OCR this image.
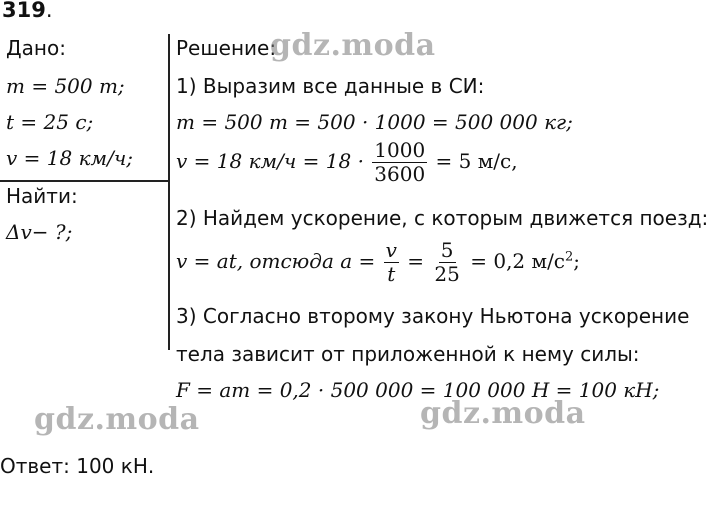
319.
Дано:
m = 500 т;
t = 25 с;
v = 18 км/ч;
Найти:
Δv− ?;
Решение:
1) Выразим все данные в СИ:
m = 500 т = 500 · 1000 = 500 000 кг;
v = 18 $км/ч = 18 \cdot \frac{1000}{3600} = 5$ м/с,
2) Найдем ускорение, с которым движется поезд:
v = at, отсюда $a = \frac{v}{t} = \frac{5}{25} = 0,2$ $м/с^2$;
3) Согласно второму закону Ньютона ускорение
тела зависит от приложенной к нему силы:
F = am = 0,2 · 500 000 = 100 000 Н = 100 кН;
Ответ: 100 кН.
gdz.moda
gdz.moda	gdz.moda
